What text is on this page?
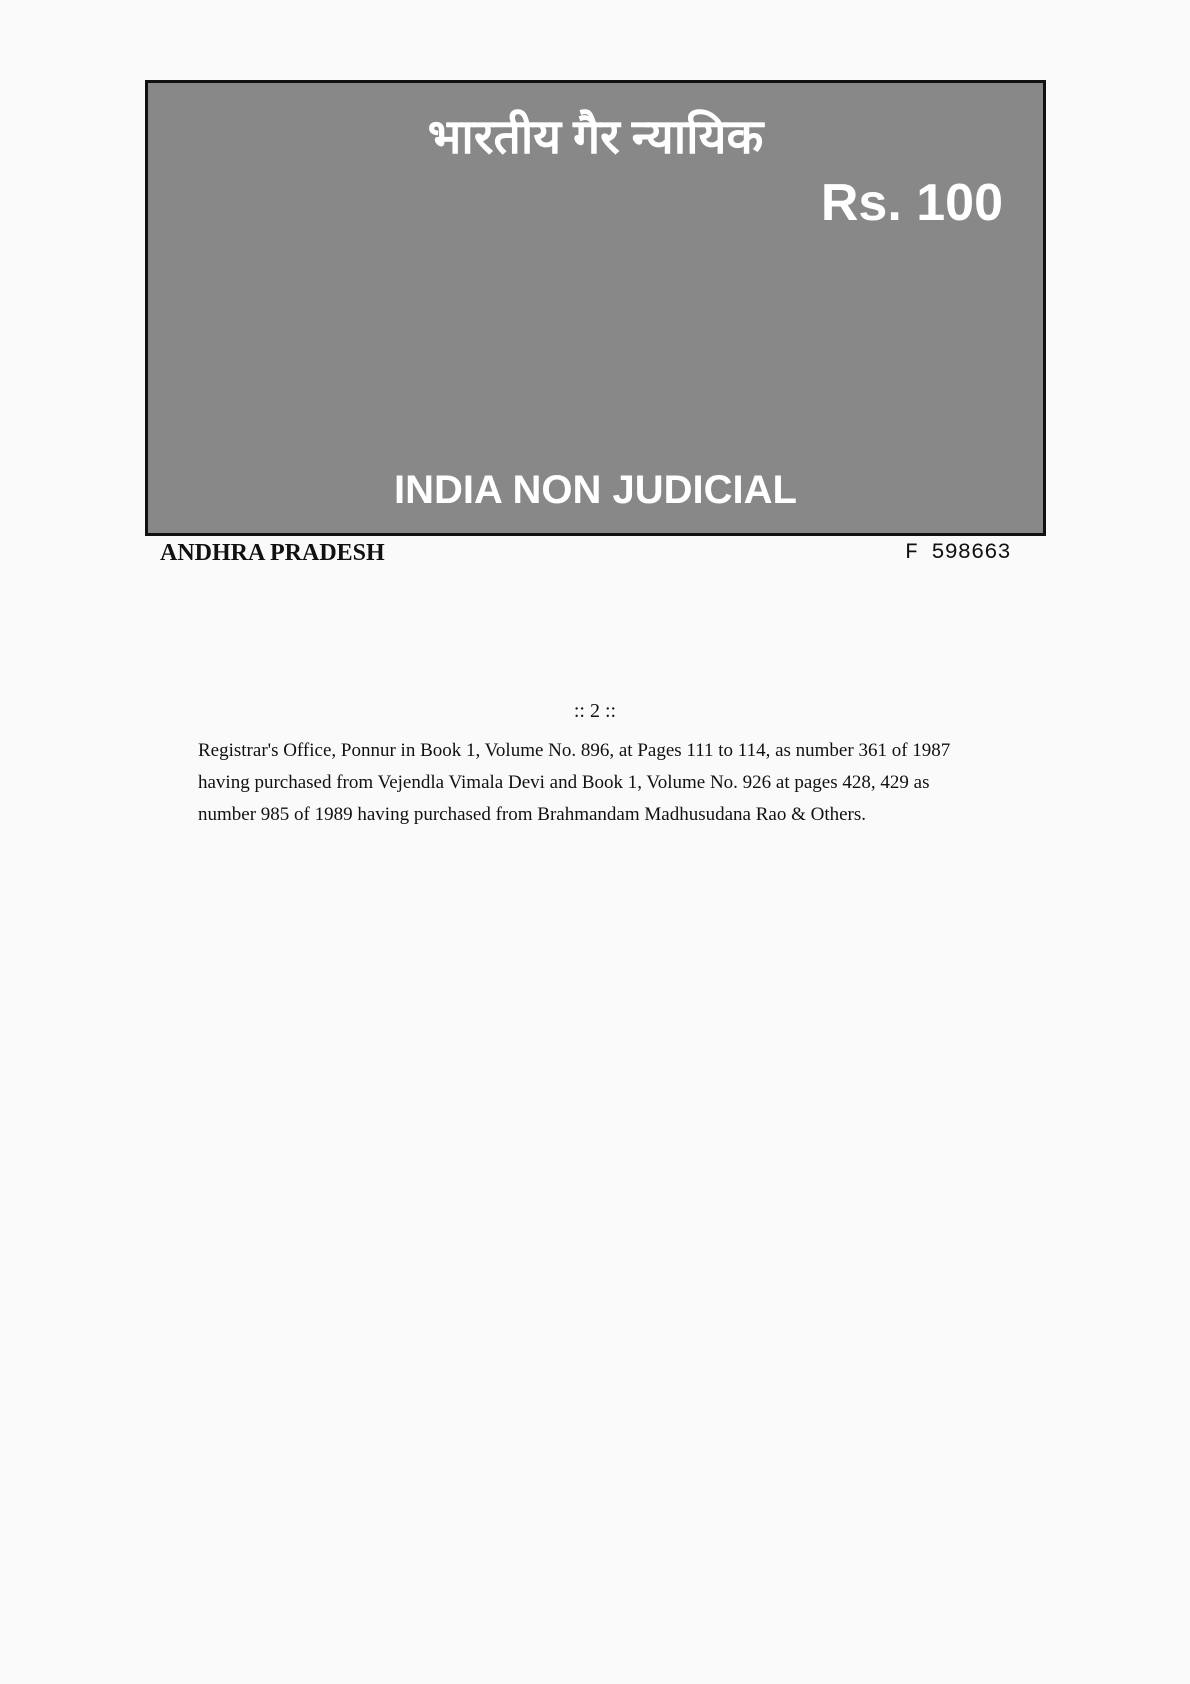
भारतीय गैर न्यायिक
Rs. 100
INDIA NON JUDICIAL
ANDHRA PRADESH	F 598663
:: 2 ::

Registrar's Office, Ponnur in Book 1, Volume No. 896, at Pages 111 to 114, as number 361 of 1987 having purchased from Vejendla Vimala Devi and Book 1, Volume No. 926 at pages 428, 429 as number 985 of 1989 having purchased from Brahmandam Madhusudana Rao & Others.
